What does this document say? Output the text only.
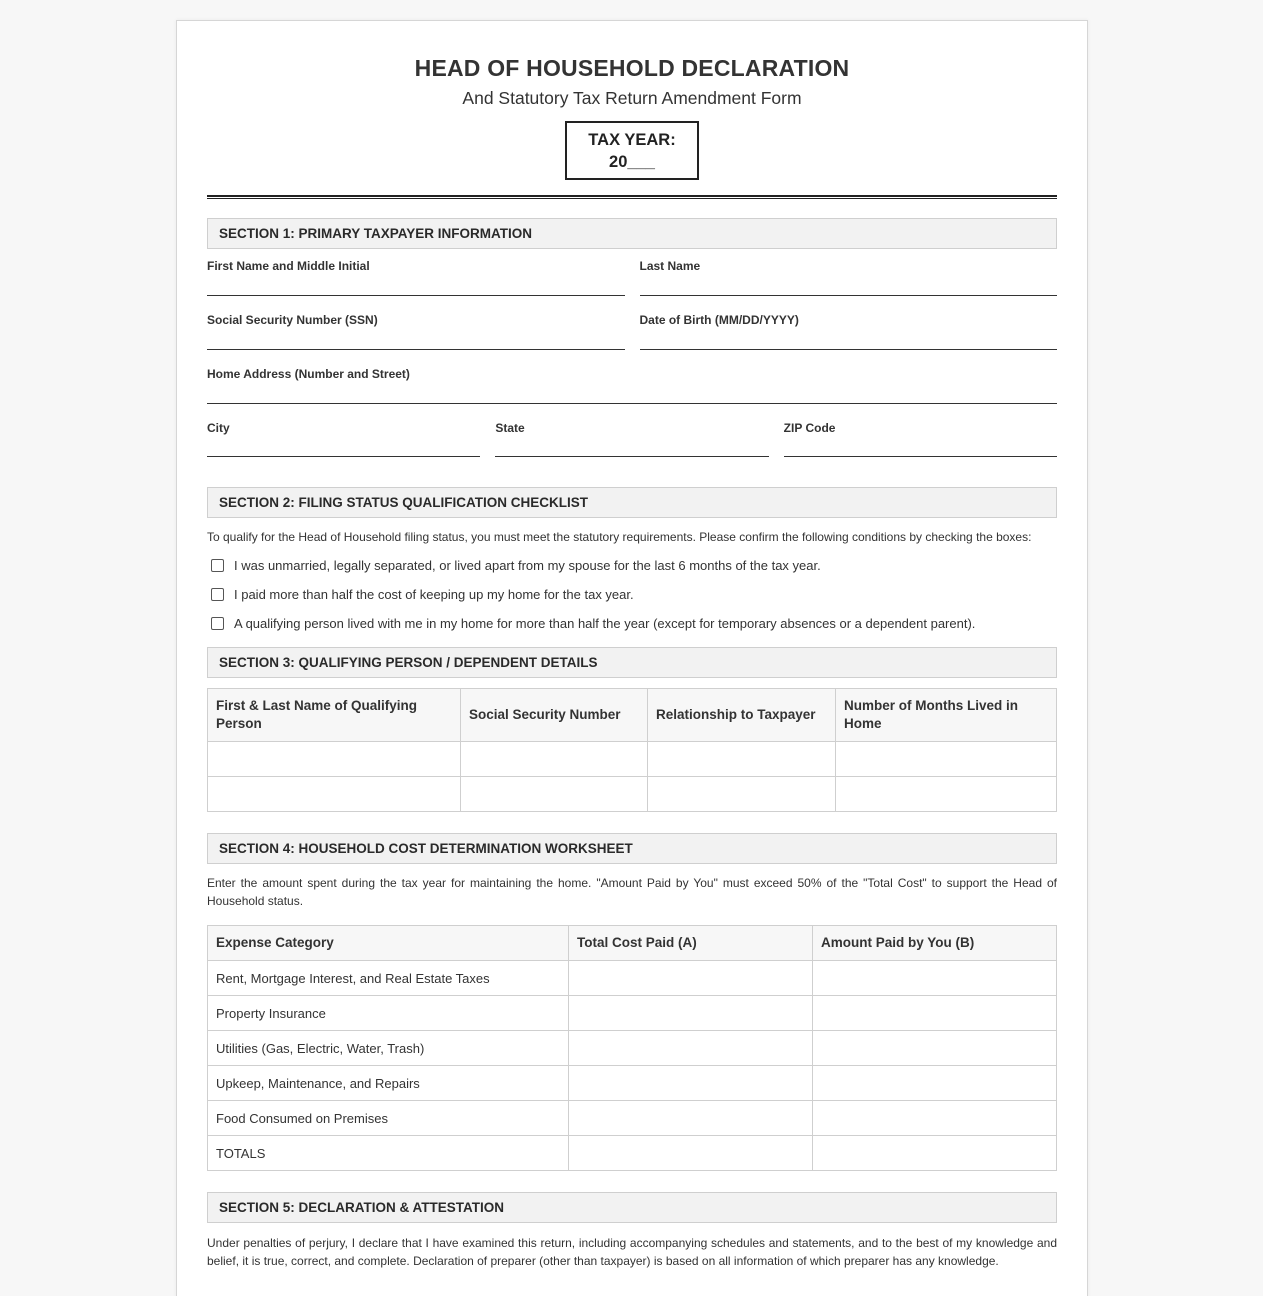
HEAD OF HOUSEHOLD DECLARATION
And Statutory Tax Return Amendment Form
TAX YEAR:
20___
SECTION 1: PRIMARY TAXPAYER INFORMATION
First Name and Middle Initial	Last Name
Social Security Number (SSN)	Date of Birth (MM/DD/YYYY)
Home Address (Number and Street)
City	State	ZIP Code
SECTION 2: FILING STATUS QUALIFICATION CHECKLIST
To qualify for the Head of Household filing status, you must meet the statutory requirements. Please confirm the following conditions by checking the boxes:
I was unmarried, legally separated, or lived apart from my spouse for the last 6 months of the tax year.
I paid more than half the cost of keeping up my home for the tax year.
A qualifying person lived with me in my home for more than half the year (except for temporary absences or a dependent parent).
SECTION 3: QUALIFYING PERSON / DEPENDENT DETAILS
First & Last Name of Qualifying Person	Social Security Number	Relationship to Taxpayer	Number of Months Lived in Home

SECTION 4: HOUSEHOLD COST DETERMINATION WORKSHEET
Enter the amount spent during the tax year for maintaining the home. "Amount Paid by You" must exceed 50% of the "Total Cost" to support the Head of Household status.
Expense Category	Total Cost Paid (A)	Amount Paid by You (B)
Rent, Mortgage Interest, and Real Estate Taxes		
Property Insurance		
Utilities (Gas, Electric, Water, Trash)		
Upkeep, Maintenance, and Repairs		
Food Consumed on Premises		
TOTALS		
SECTION 5: DECLARATION & ATTESTATION
Under penalties of perjury, I declare that I have examined this return, including accompanying schedules and statements, and to the best of my knowledge and belief, it is true, correct, and complete. Declaration of preparer (other than taxpayer) is based on all information of which preparer has any knowledge.
